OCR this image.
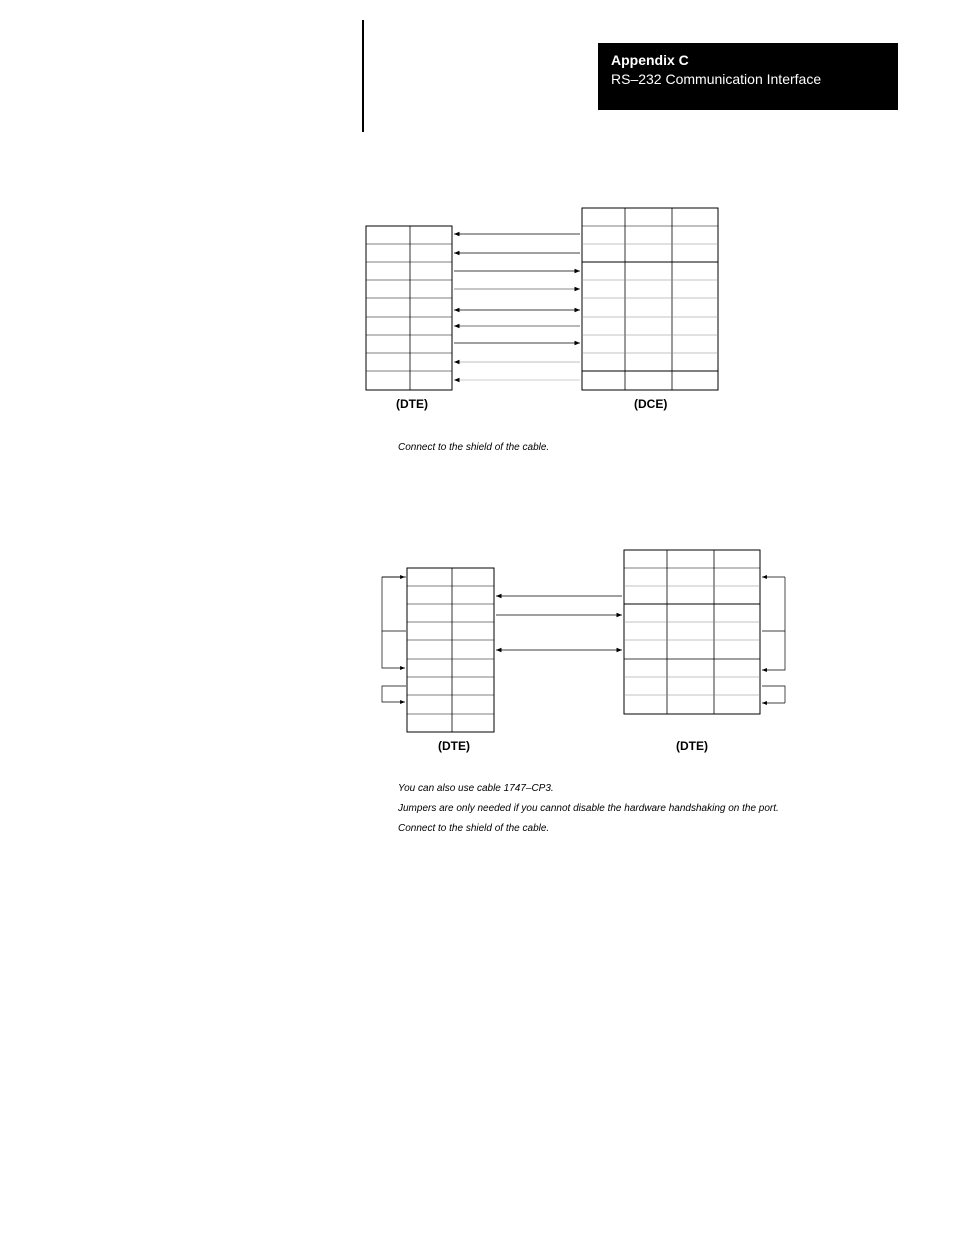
Appendix C
RS–232 Communication Interface
(DTE)	(DCE)
(DTE)	(DTE)
Connect to the shield of the cable.
You can also use cable 1747–CP3.
Jumpers are only needed if you cannot disable the hardware handshaking on the port.
Connect to the shield of the cable.
